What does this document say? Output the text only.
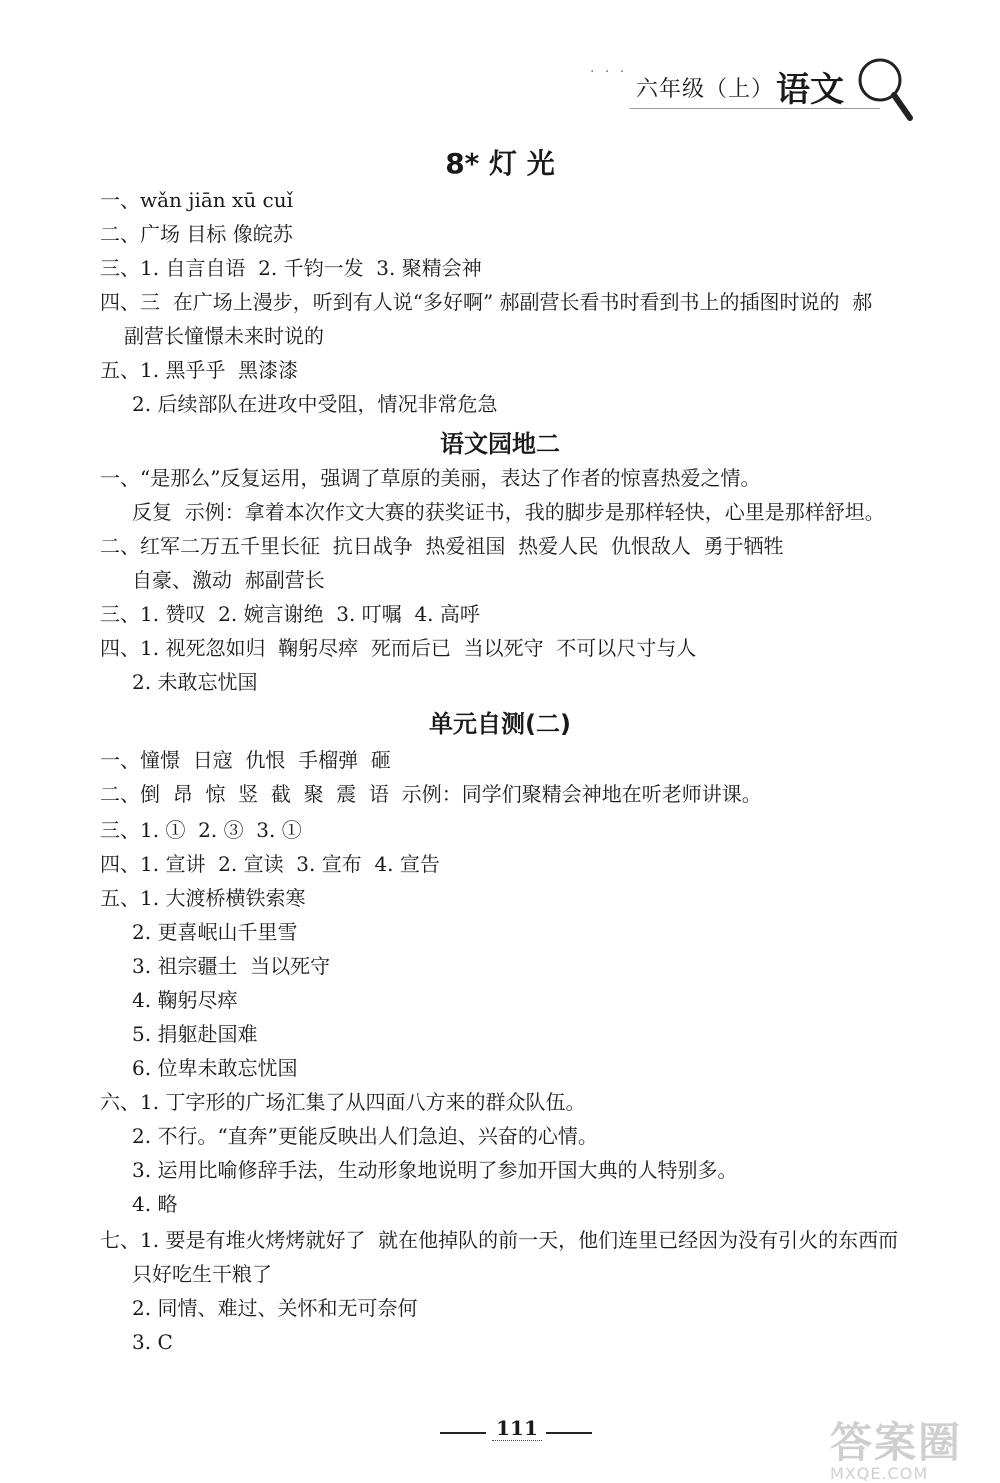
· · ·
六年级（上） 语文
8* 灯 光
一、wǎn jiān xū cuǐ
二、广场 目标 像皖苏
三、1. 自言自语  2. 千钧一发  3. 聚精会神
四、三  在广场上漫步，听到有人说“多好啊” 郝副营长看书时看到书上的插图时说的  郝
副营长憧憬未来时说的
五、1. 黑乎乎  黑漆漆
2. 后续部队在进攻中受阻，情况非常危急
语文园地二
一、“是那么”反复运用，强调了草原的美丽，表达了作者的惊喜热爱之情。
反复  示例：拿着本次作文大赛的获奖证书，我的脚步是那样轻快，心里是那样舒坦。
二、红军二万五千里长征  抗日战争  热爱祖国  热爱人民  仇恨敌人  勇于牺牲
自豪、激动  郝副营长
三、1. 赞叹  2. 婉言谢绝  3. 叮嘱  4. 高呼
四、1. 视死忽如归  鞠躬尽瘁  死而后已  当以死守  不可以尺寸与人
2. 未敢忘忧国
单元自测(二)
一、憧憬  日寇  仇恨  手榴弹  砸
二、倒  昂  惊  竖  截  聚  震  语  示例：同学们聚精会神地在听老师讲课。
三、1. ①  2. ③  3. ①
四、1. 宣讲  2. 宣读  3. 宣布  4. 宣告
五、1. 大渡桥横铁索寒
2. 更喜岷山千里雪
3. 祖宗疆土  当以死守
4. 鞠躬尽瘁
5. 捐躯赴国难
6. 位卑未敢忘忧国
六、1. 丁字形的广场汇集了从四面八方来的群众队伍。
2. 不行。“直奔”更能反映出人们急迫、兴奋的心情。
3. 运用比喻修辞手法，生动形象地说明了参加开国大典的人特别多。
4. 略
七、1. 要是有堆火烤烤就好了  就在他掉队的前一天，他们连里已经因为没有引火的东西而
只好吃生干粮了
2. 同情、难过、关怀和无可奈何
3. C
111	答案圈
MXQE.COM
